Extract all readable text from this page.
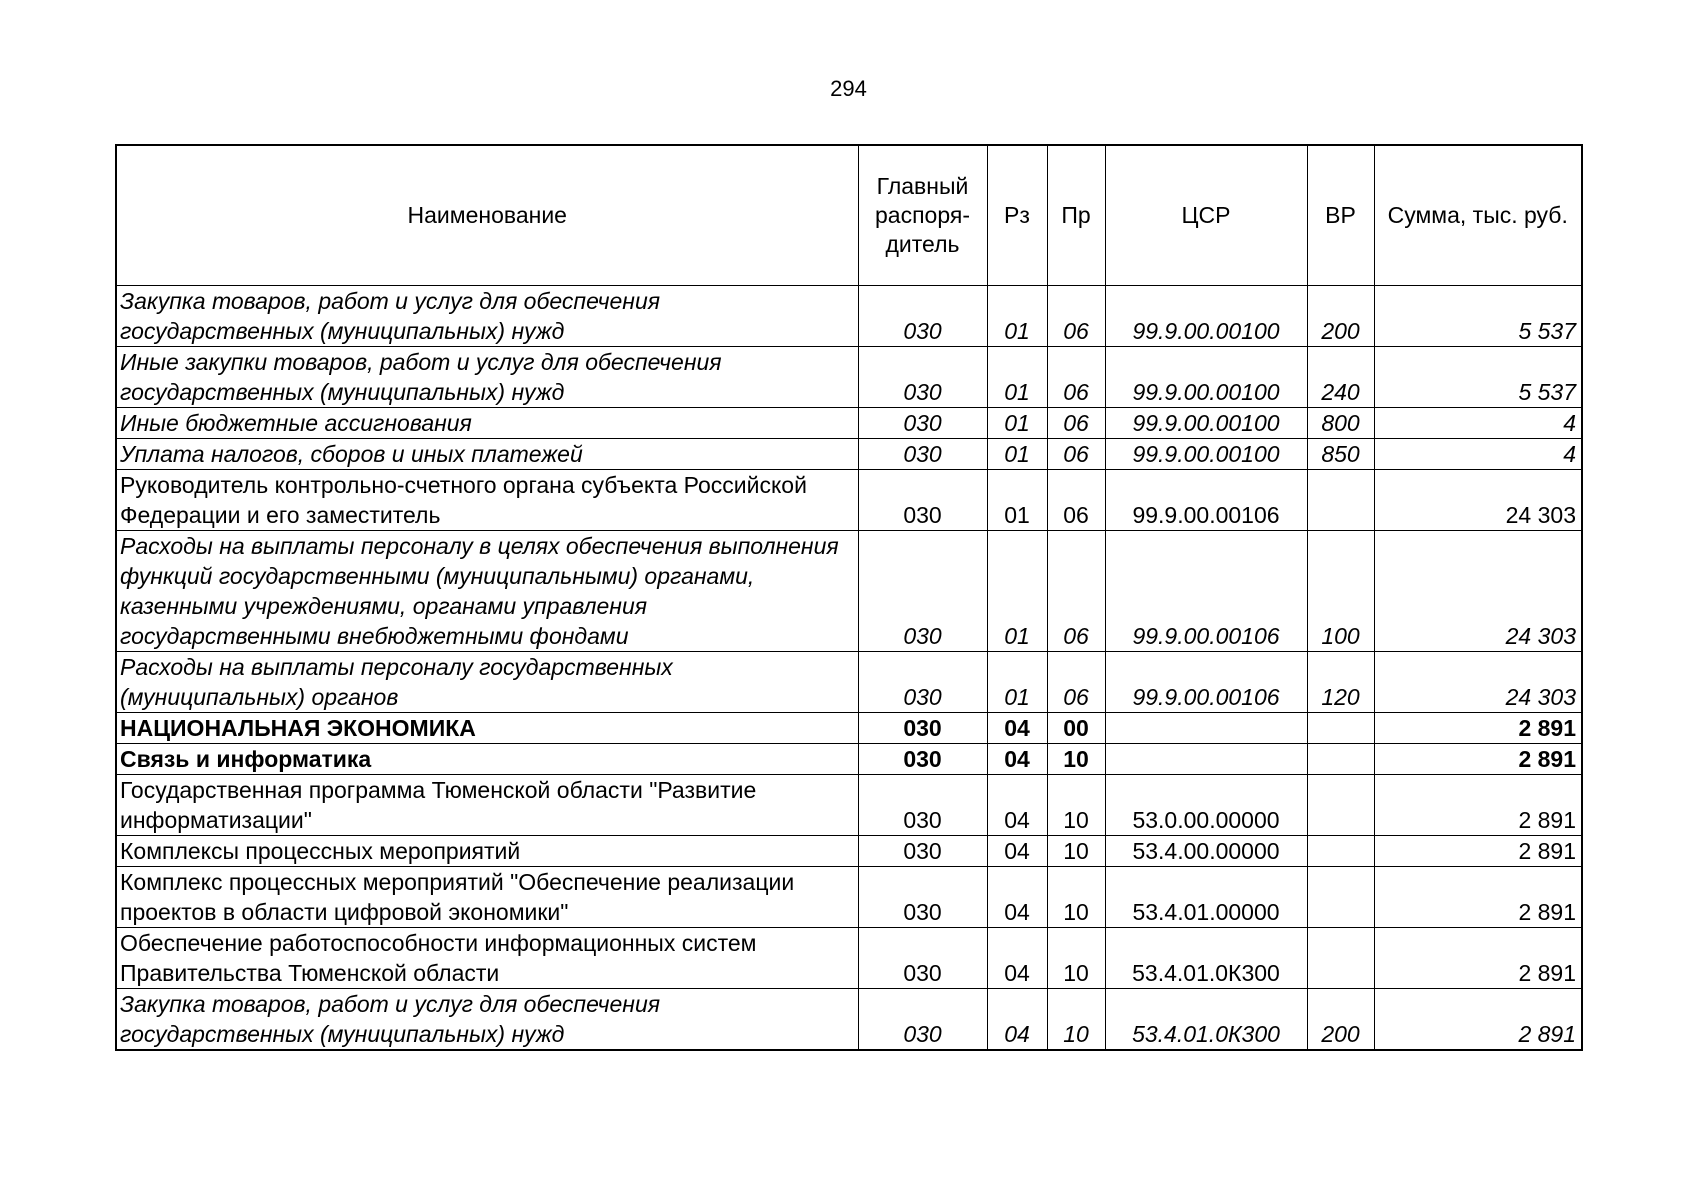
294
Наименование	Главный распоря-дитель	Рз	Пр	ЦСР	ВР	Сумма, тыс. руб.
Закупка товаров, работ и услуг для обеспечения государственных (муниципальных) нужд	030	01	06	99.9.00.00100	200	5 537
Иные закупки товаров, работ и услуг для обеспечения государственных (муниципальных) нужд	030	01	06	99.9.00.00100	240	5 537
Иные бюджетные ассигнования	030	01	06	99.9.00.00100	800	4
Уплата налогов, сборов и иных платежей	030	01	06	99.9.00.00100	850	4
Руководитель контрольно-счетного органа субъекта Российской Федерации и его заместитель	030	01	06	99.9.00.00106		24 303
Расходы на выплаты персоналу в целях обеспечения выполнения функций государственными (муниципальными) органами, казенными учреждениями, органами управления государственными внебюджетными фондами	030	01	06	99.9.00.00106	100	24 303
Расходы на выплаты персоналу государственных (муниципальных) органов	030	01	06	99.9.00.00106	120	24 303
НАЦИОНАЛЬНАЯ ЭКОНОМИКА	030	04	00			2 891
Связь и информатика	030	04	10			2 891
Государственная программа Тюменской области "Развитие информатизации"	030	04	10	53.0.00.00000		2 891
Комплексы процессных мероприятий	030	04	10	53.4.00.00000		2 891
Комплекс процессных мероприятий "Обеспечение реализации проектов в области цифровой экономики"	030	04	10	53.4.01.00000		2 891
Обеспечение работоспособности информационных систем Правительства Тюменской области	030	04	10	53.4.01.0К300		2 891
Закупка товаров, работ и услуг для обеспечения государственных (муниципальных) нужд	030	04	10	53.4.01.0К300	200	2 891
